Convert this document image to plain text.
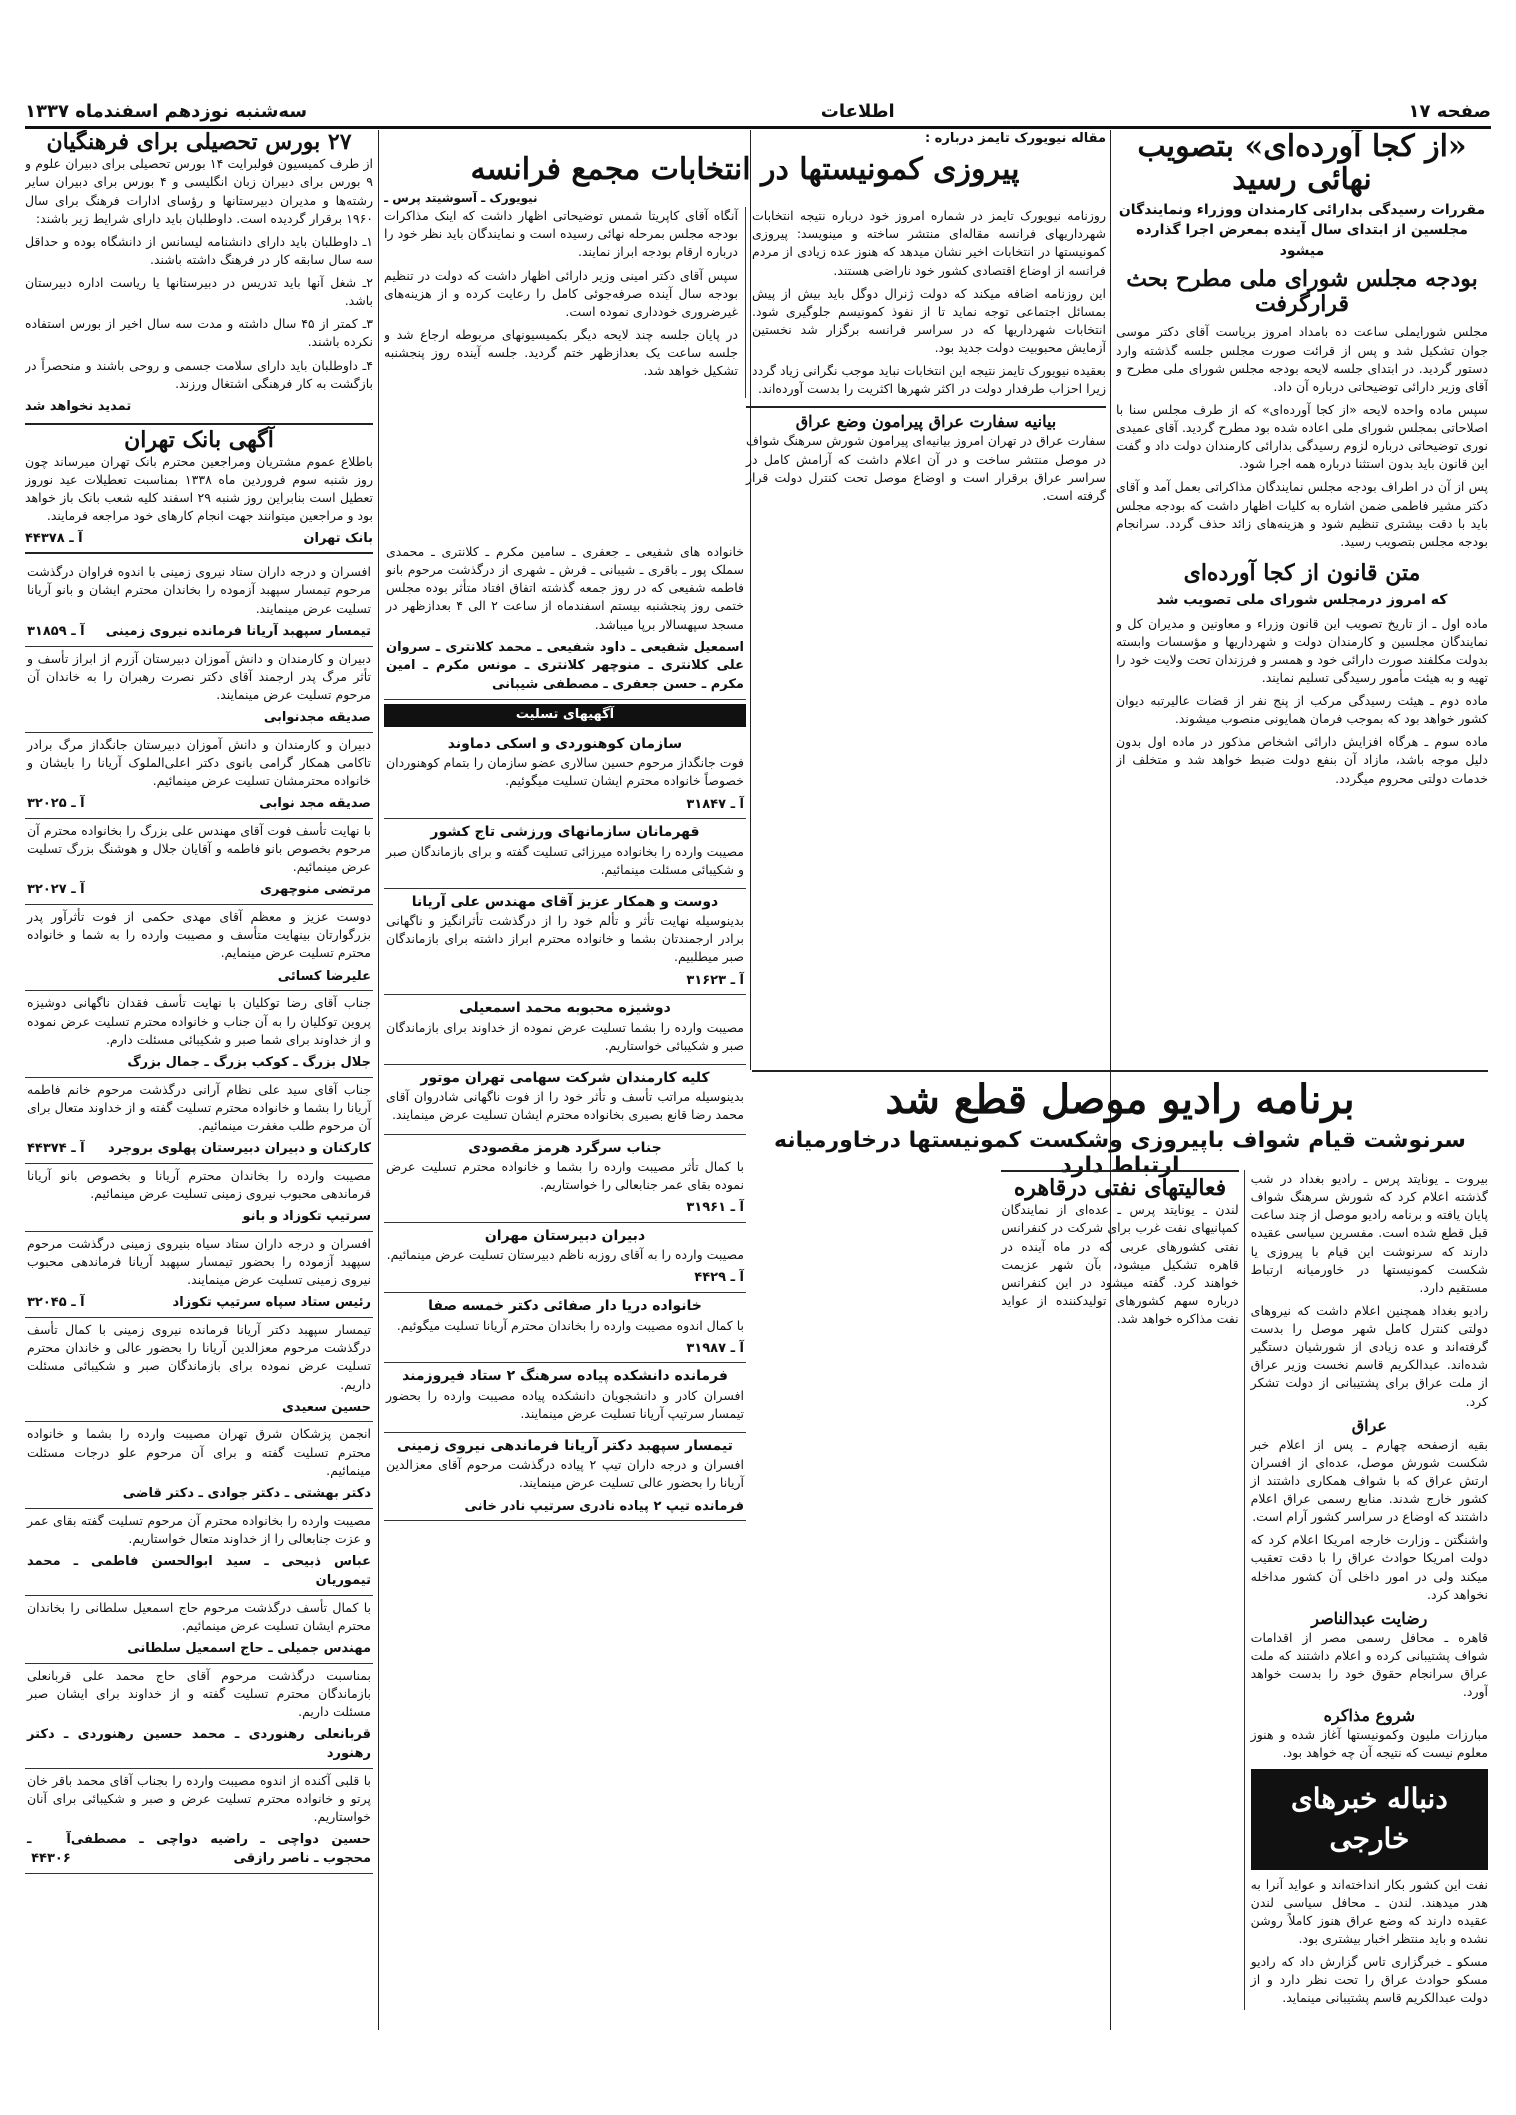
صفحه ۱۷
اطلاعات
سه‌شنبه نوزدهم اسفندماه ۱۳۳۷
«از کجا آورده‌ای» بتصویب نهائی رسید
مقررات رسیدگی بدارائی کارمندان ووزراء ونمایندگان مجلسین از ابتدای سال آینده بمعرض اجرا گذارده میشود
بودجه مجلس شورای ملی مطرح بحث قرارگرفت

مجلس شورایملی ساعت ده بامداد امروز بریاست آقای دکتر موسی جوان تشکیل شد و پس از قرائت صورت مجلس جلسه گذشته وارد دستور گردید. در ابتدای جلسه لایحه بودجه مجلس شورای ملی مطرح و آقای وزیر دارائی توضیحاتی درباره آن داد.

سپس ماده واحده لایحه «از کجا آورده‌ای» که از طرف مجلس سنا با اصلاحاتی بمجلس شورای ملی اعاده شده بود مطرح گردید. آقای عمیدی نوری توضیحاتی درباره لزوم رسیدگی بدارائی کارمندان دولت داد و گفت این قانون باید بدون استثنا درباره همه اجرا شود.

پس از آن در اطراف بودجه مجلس نمایندگان مذاکراتی بعمل آمد و آقای دکتر مشیر فاطمی ضمن اشاره به کلیات اظهار داشت که بودجه مجلس باید با دقت بیشتری تنظیم شود و هزینه‌های زائد حذف گردد. سرانجام بودجه مجلس بتصویب رسید.

متن قانون از کجا آورده‌ای
که امروز درمجلس شورای ملی تصویب شد

ماده اول ـ از تاریخ تصویب این قانون وزراء و معاونین و مدیران کل و نمایندگان مجلسین و کارمندان دولت و شهرداریها و مؤسسات وابسته بدولت مکلفند صورت دارائی خود و همسر و فرزندان تحت ولایت خود را تهیه و به هیئت مأمور رسیدگی تسلیم نمایند.

ماده دوم ـ هیئت رسیدگی مرکب از پنج نفر از قضات عالیرتبه دیوان کشور خواهد بود که بموجب فرمان همایونی منصوب میشوند.

ماده سوم ـ هرگاه افزایش دارائی اشخاص مذکور در ماده اول بدون دلیل موجه باشد، مازاد آن بنفع دولت ضبط خواهد شد و متخلف از خدمات دولتی محروم میگردد.

مقاله نیویورک تایمز درباره :
پیروزی کمونیستها در انتخابات مجمع فرانسه
نیویورک ـ آسوشیتد پرس ـ

روزنامه نیویورک تایمز در شماره امروز خود درباره نتیجه انتخابات شهرداریهای فرانسه مقاله‌ای منتشر ساخته و مینویسد: پیروزی کمونیستها در انتخابات اخیر نشان میدهد که هنوز عده زیادی از مردم فرانسه از اوضاع اقتصادی کشور خود ناراضی هستند.

این روزنامه اضافه میکند که دولت ژنرال دوگل باید بیش از پیش بمسائل اجتماعی توجه نماید تا از نفوذ کمونیسم جلوگیری شود. انتخابات شهرداریها که در سراسر فرانسه برگزار شد نخستین آزمایش محبوبیت دولت جدید بود.

بعقیده نیویورک تایمز نتیجه این انتخابات نباید موجب نگرانی زیاد گردد زیرا احزاب طرفدار دولت در اکثر شهرها اکثریت را بدست آورده‌اند.

آنگاه آقای کاپریتا شمس توضیحاتی اظهار داشت که اینک مذاکرات بودجه مجلس بمرحله نهائی رسیده است و نمایندگان باید نظر خود را درباره ارقام بودجه ابراز نمایند.

سپس آقای دکتر امینی وزیر دارائی اظهار داشت که دولت در تنظیم بودجه سال آینده صرفه‌جوئی کامل را رعایت کرده و از هزینه‌های غیرضروری خودداری نموده است.

در پایان جلسه چند لایحه دیگر بکمیسیونهای مربوطه ارجاع شد و جلسه ساعت یک بعدازظهر ختم گردید. جلسه آینده روز پنجشنبه تشکیل خواهد شد.

بیانیه سفارت عراق پیرامون وضع عراق

سفارت عراق در تهران امروز بیانیه‌ای پیرامون شورش سرهنگ شواف در موصل منتشر ساخت و در آن اعلام داشت که آرامش کامل در سراسر عراق برقرار است و اوضاع موصل تحت کنترل دولت قرار گرفته است.

خانواده های شفیعی ـ جعفری ـ سامین مکرم ـ کلانتری ـ محمدی سملک پور ـ باقری ـ شیبانی ـ فرش ـ شهری از درگذشت مرحوم بانو فاطمه شفیعی که در روز جمعه گذشته اتفاق افتاد متأثر بوده مجلس ختمی روز پنجشنبه بیستم اسفندماه از ساعت ۲ الی ۴ بعدازظهر در مسجد سپهسالار برپا میباشد.

اسمعیل شفیعی ـ داود شفیعی ـ محمد کلانتری ـ سروان علی کلانتری ـ منوچهر کلانتری ـ مونس مکرم ـ امین مکرم ـ حسن جعفری ـ مصطفی شیبانی
آگهیهای تسلیت
سازمان کوهنوردی و اسکی دماوند

فوت جانگداز مرحوم حسین سالاری عضو سازمان را بتمام کوهنوردان خصوصاً خانواده محترم ایشان تسلیت میگوئیم.

آ ـ ۳۱۸۴۷
قهرمانان سازمانهای ورزشی تاج کشور

مصیبت وارده را بخانواده میرزائی تسلیت گفته و برای بازماندگان صبر و شکیبائی مسئلت مینمائیم.

دوست و همکار عزیز آقای مهندس علی آریانا

بدینوسیله نهایت تأثر و تألم خود را از درگذشت تأثرانگیز و ناگهانی برادر ارجمندتان بشما و خانواده محترم ابراز داشته برای بازماندگان صبر میطلبیم.

آ ـ ۳۱۶۲۳
دوشیزه محبوبه محمد اسمعیلی

مصیبت وارده را بشما تسلیت عرض نموده از خداوند برای بازماندگان صبر و شکیبائی خواستاریم.

کلیه کارمندان شرکت سهامی تهران موتور

بدینوسیله مراتب تأسف و تأثر خود را از فوت ناگهانی شادروان آقای محمد رضا قانع بصیری بخانواده محترم ایشان تسلیت عرض مینمایند.

جناب سرگرد هرمز مقصودی

با کمال تأثر مصیبت وارده را بشما و خانواده محترم تسلیت عرض نموده بقای عمر جنابعالی را خواستاریم.

آ ـ ۳۱۹۶۱
دبیران دبیرستان مهران

مصیبت وارده را به آقای روزبه ناظم دبیرستان تسلیت عرض مینمائیم.

آ ـ ۴۴۲۹
خانواده دریا دار صفائی دکتر خمسه صفا

با کمال اندوه مصیبت وارده را بخاندان محترم آریانا تسلیت میگوئیم.

آ ـ ۳۱۹۸۷
فرمانده دانشکده پیاده سرهنگ ۲ ستاد فیروزمند

افسران کادر و دانشجویان دانشکده پیاده مصیبت وارده را بحضور تیمسار سرتیپ آریانا تسلیت عرض مینمایند.

تیمسار سپهبد دکتر آریانا فرماندهی نیروی زمینی

افسران و درجه داران تیپ ۲ پیاده درگذشت مرحوم آقای معزالدین آریانا را بحضور عالی تسلیت عرض مینمایند.

فرمانده تیپ ۲ پیاده نادری سرتیپ نادر خانی
برنامه رادیو موصل قطع شد
سرنوشت قیام شواف باپیروزی وشکست کمونیستها درخاورمیانه ارتباط دارد

بیروت ـ یونایتد پرس ـ رادیو بغداد در شب گذشته اعلام کرد که شورش سرهنگ شواف پایان یافته و برنامه رادیو موصل از چند ساعت قبل قطع شده است. مفسرین سیاسی عقیده دارند که سرنوشت این قیام با پیروزی یا شکست کمونیستها در خاورمیانه ارتباط مستقیم دارد.

رادیو بغداد همچنین اعلام داشت که نیروهای دولتی کنترل کامل شهر موصل را بدست گرفته‌اند و عده زیادی از شورشیان دستگیر شده‌اند. عبدالکریم قاسم نخست وزیر عراق از ملت عراق برای پشتیبانی از دولت تشکر کرد.

عراق

بقیه ازصفحه چهارم ـ پس از اعلام خبر شکست شورش موصل، عده‌ای از افسران ارتش عراق که با شواف همکاری داشتند از کشور خارج شدند. منابع رسمی عراق اعلام داشتند که اوضاع در سراسر کشور آرام است.

واشنگتن ـ وزارت خارجه امریکا اعلام کرد که دولت امریکا حوادث عراق را با دقت تعقیب میکند ولی در امور داخلی آن کشور مداخله نخواهد کرد.

رضایت عبدالناصر

قاهره ـ محافل رسمی مصر از اقدامات شواف پشتیبانی کرده و اعلام داشتند که ملت عراق سرانجام حقوق خود را بدست خواهد آورد.

شروع مذاکره

مبارزات ملیون وکمونیستها آغاز شده و هنوز معلوم نیست که نتیجه آن چه خواهد بود.

دنباله خبرهای خارجی

نفت این کشور بکار انداخته‌اند و عواید آنرا به هدر میدهند. لندن ـ محافل سیاسی لندن عقیده دارند که وضع عراق هنوز کاملاً روشن نشده و باید منتظر اخبار بیشتری بود.

مسکو ـ خبرگزاری تاس گزارش داد که رادیو مسکو حوادث عراق را تحت نظر دارد و از دولت عبدالکریم قاسم پشتیبانی مینماید.

فعالیتهای نفتی درقاهره

لندن ـ یونایتد پرس ـ عده‌ای از نمایندگان کمپانیهای نفت غرب برای شرکت در کنفرانس نفتی کشورهای عربی که در ماه آینده در قاهره تشکیل میشود، بآن شهر عزیمت خواهند کرد. گفته میشود در این کنفرانس درباره سهم کشورهای تولیدکننده از عواید نفت مذاکره خواهد شد.

۲۷ بورس تحصیلی برای فرهنگیان

از طرف کمیسیون فولبرایت ۱۴ بورس تحصیلی برای دبیران علوم و ۹ بورس برای دبیران زبان انگلیسی و ۴ بورس برای دبیران سایر رشته‌ها و مدیران دبیرستانها و رؤسای ادارات فرهنگ برای سال ۱۹۶۰ برقرار گردیده است. داوطلبان باید دارای شرایط زیر باشند:

۱ـ داوطلبان باید دارای دانشنامه لیسانس از دانشگاه بوده و حداقل سه سال سابقه کار در فرهنگ داشته باشند.

۲ـ شغل آنها باید تدریس در دبیرستانها یا ریاست اداره دبیرستان باشد.

۳ـ کمتر از ۴۵ سال داشته و مدت سه سال اخیر از بورس استفاده نکرده باشند.

۴ـ داوطلبان باید دارای سلامت جسمی و روحی باشند و منحصراً در بازگشت به کار فرهنگی اشتغال ورزند.

تمدید نخواهد شد
آگهی بانک تهران

باطلاع عموم مشتریان ومراجعین محترم بانک تهران میرساند چون روز شنبه سوم فروردین ماه ۱۳۳۸ بمناسبت تعطیلات عید نوروز تعطیل است بنابراین روز شنبه ۲۹ اسفند کلیه شعب بانک باز خواهد بود و مراجعین میتوانند جهت انجام کارهای خود مراجعه فرمایند.

بانک تهران
آ ـ ۴۴۳۷۸

افسران و درجه داران ستاد نیروی زمینی با اندوه فراوان درگذشت مرحوم تیمسار سپهبد آزموده را بخاندان محترم ایشان و بانو آریانا تسلیت عرض مینمایند.

تیمسار سپهبد آریانا فرمانده نیروی زمینی
آ ـ ۳۱۸۵۹

دبیران و کارمندان و دانش آموزان دبیرستان آزرم از ابراز تأسف و تأثر مرگ پدر ارجمند آقای دکتر نصرت رهبران را به خاندان آن مرحوم تسلیت عرض مینمایند.

صدیقه مجدنوابی

دبیران و کارمندان و دانش آموزان دبیرستان جانگداز مرگ برادر تاکامی همکار گرامی بانوی دکتر اعلی‌الملوک آریانا را بایشان و خانواده محترمشان تسلیت عرض مینمائیم.

صدیقه مجد نوابی
آ ـ ۳۲۰۲۵

با نهایت تأسف فوت آقای مهندس علی بزرگ را بخانواده محترم آن مرحوم بخصوص بانو فاطمه و آقایان جلال و هوشنگ بزرگ تسلیت عرض مینمائیم.

مرتضی منوچهری
آ ـ ۳۲۰۲۷

دوست عزیز و معظم آقای مهدی حکمی از فوت تأثرآور پدر بزرگوارتان بینهایت متأسف و مصیبت وارده را به شما و خانواده محترم تسلیت عرض مینمایم.

علیرضا کسائی

جناب آقای رضا توکلیان با نهایت تأسف فقدان ناگهانی دوشیزه پروین توکلیان را به آن جناب و خانواده محترم تسلیت عرض نموده و از خداوند برای شما صبر و شکیبائی مسئلت دارم.

جلال بزرگ ـ کوکب بزرگ ـ جمال بزرگ

جناب آقای سید علی نظام آرانی درگذشت مرحوم خانم فاطمه آریانا را بشما و خانواده محترم تسلیت گفته و از خداوند متعال برای آن مرحوم طلب مغفرت مینمائیم.

کارکنان و دبیران دبیرستان پهلوی بروجرد
آ ـ ۴۴۳۷۴

مصیبت وارده را بخاندان محترم آریانا و بخصوص بانو آریانا فرماندهی محبوب نیروی زمینی تسلیت عرض مینمائیم.

سرتیپ تکوزاد و بانو

افسران و درجه داران ستاد سیاه بنیروی زمینی درگذشت مرحوم سپهبد آزموده را بحضور تیمسار سپهبد آریانا فرماندهی محبوب نیروی زمینی تسلیت عرض مینمایند.

رئیس ستاد سپاه سرتیپ تکوزاد
آ ـ ۳۲۰۴۵

تیمسار سپهبد دکتر آریانا فرمانده نیروی زمینی با کمال تأسف درگذشت مرحوم معزالدین آریانا را بحضور عالی و خاندان محترم تسلیت عرض نموده برای بازماندگان صبر و شکیبائی مسئلت داریم.

حسین سعیدی

انجمن پزشکان شرق تهران مصیبت وارده را بشما و خانواده محترم تسلیت گفته و برای آن مرحوم علو درجات مسئلت مینمائیم.

دکتر بهشتی ـ دکتر جوادی ـ دکتر قاضی

مصیبت وارده را بخانواده محترم آن مرحوم تسلیت گفته بقای عمر و عزت جنابعالی را از خداوند متعال خواستاریم.

عباس ذبیحی ـ سید ابوالحسن فاطمی ـ محمد تیموریان

با کمال تأسف درگذشت مرحوم حاج اسمعیل سلطانی را بخاندان محترم ایشان تسلیت عرض مینمائیم.

مهندس جمیلی ـ حاج اسمعیل سلطانی

بمناسبت درگذشت مرحوم آقای حاج محمد علی قربانعلی بازماندگان محترم تسلیت گفته و از خداوند برای ایشان صبر مسئلت داریم.

قربانعلی رهنوردی ـ محمد حسین رهنوردی ـ دکتر رهنورد

با قلبی آکنده از اندوه مصیبت وارده را بجناب آقای محمد باقر خان پرتو و خانواده محترم تسلیت عرض و صبر و شکیبائی برای آنان خواستاریم.

حسین دواچی ـ راضیه دواچی ـ مصطفی محجوب ـ ناصر رازقی
آ ـ ۴۴۳۰۶
